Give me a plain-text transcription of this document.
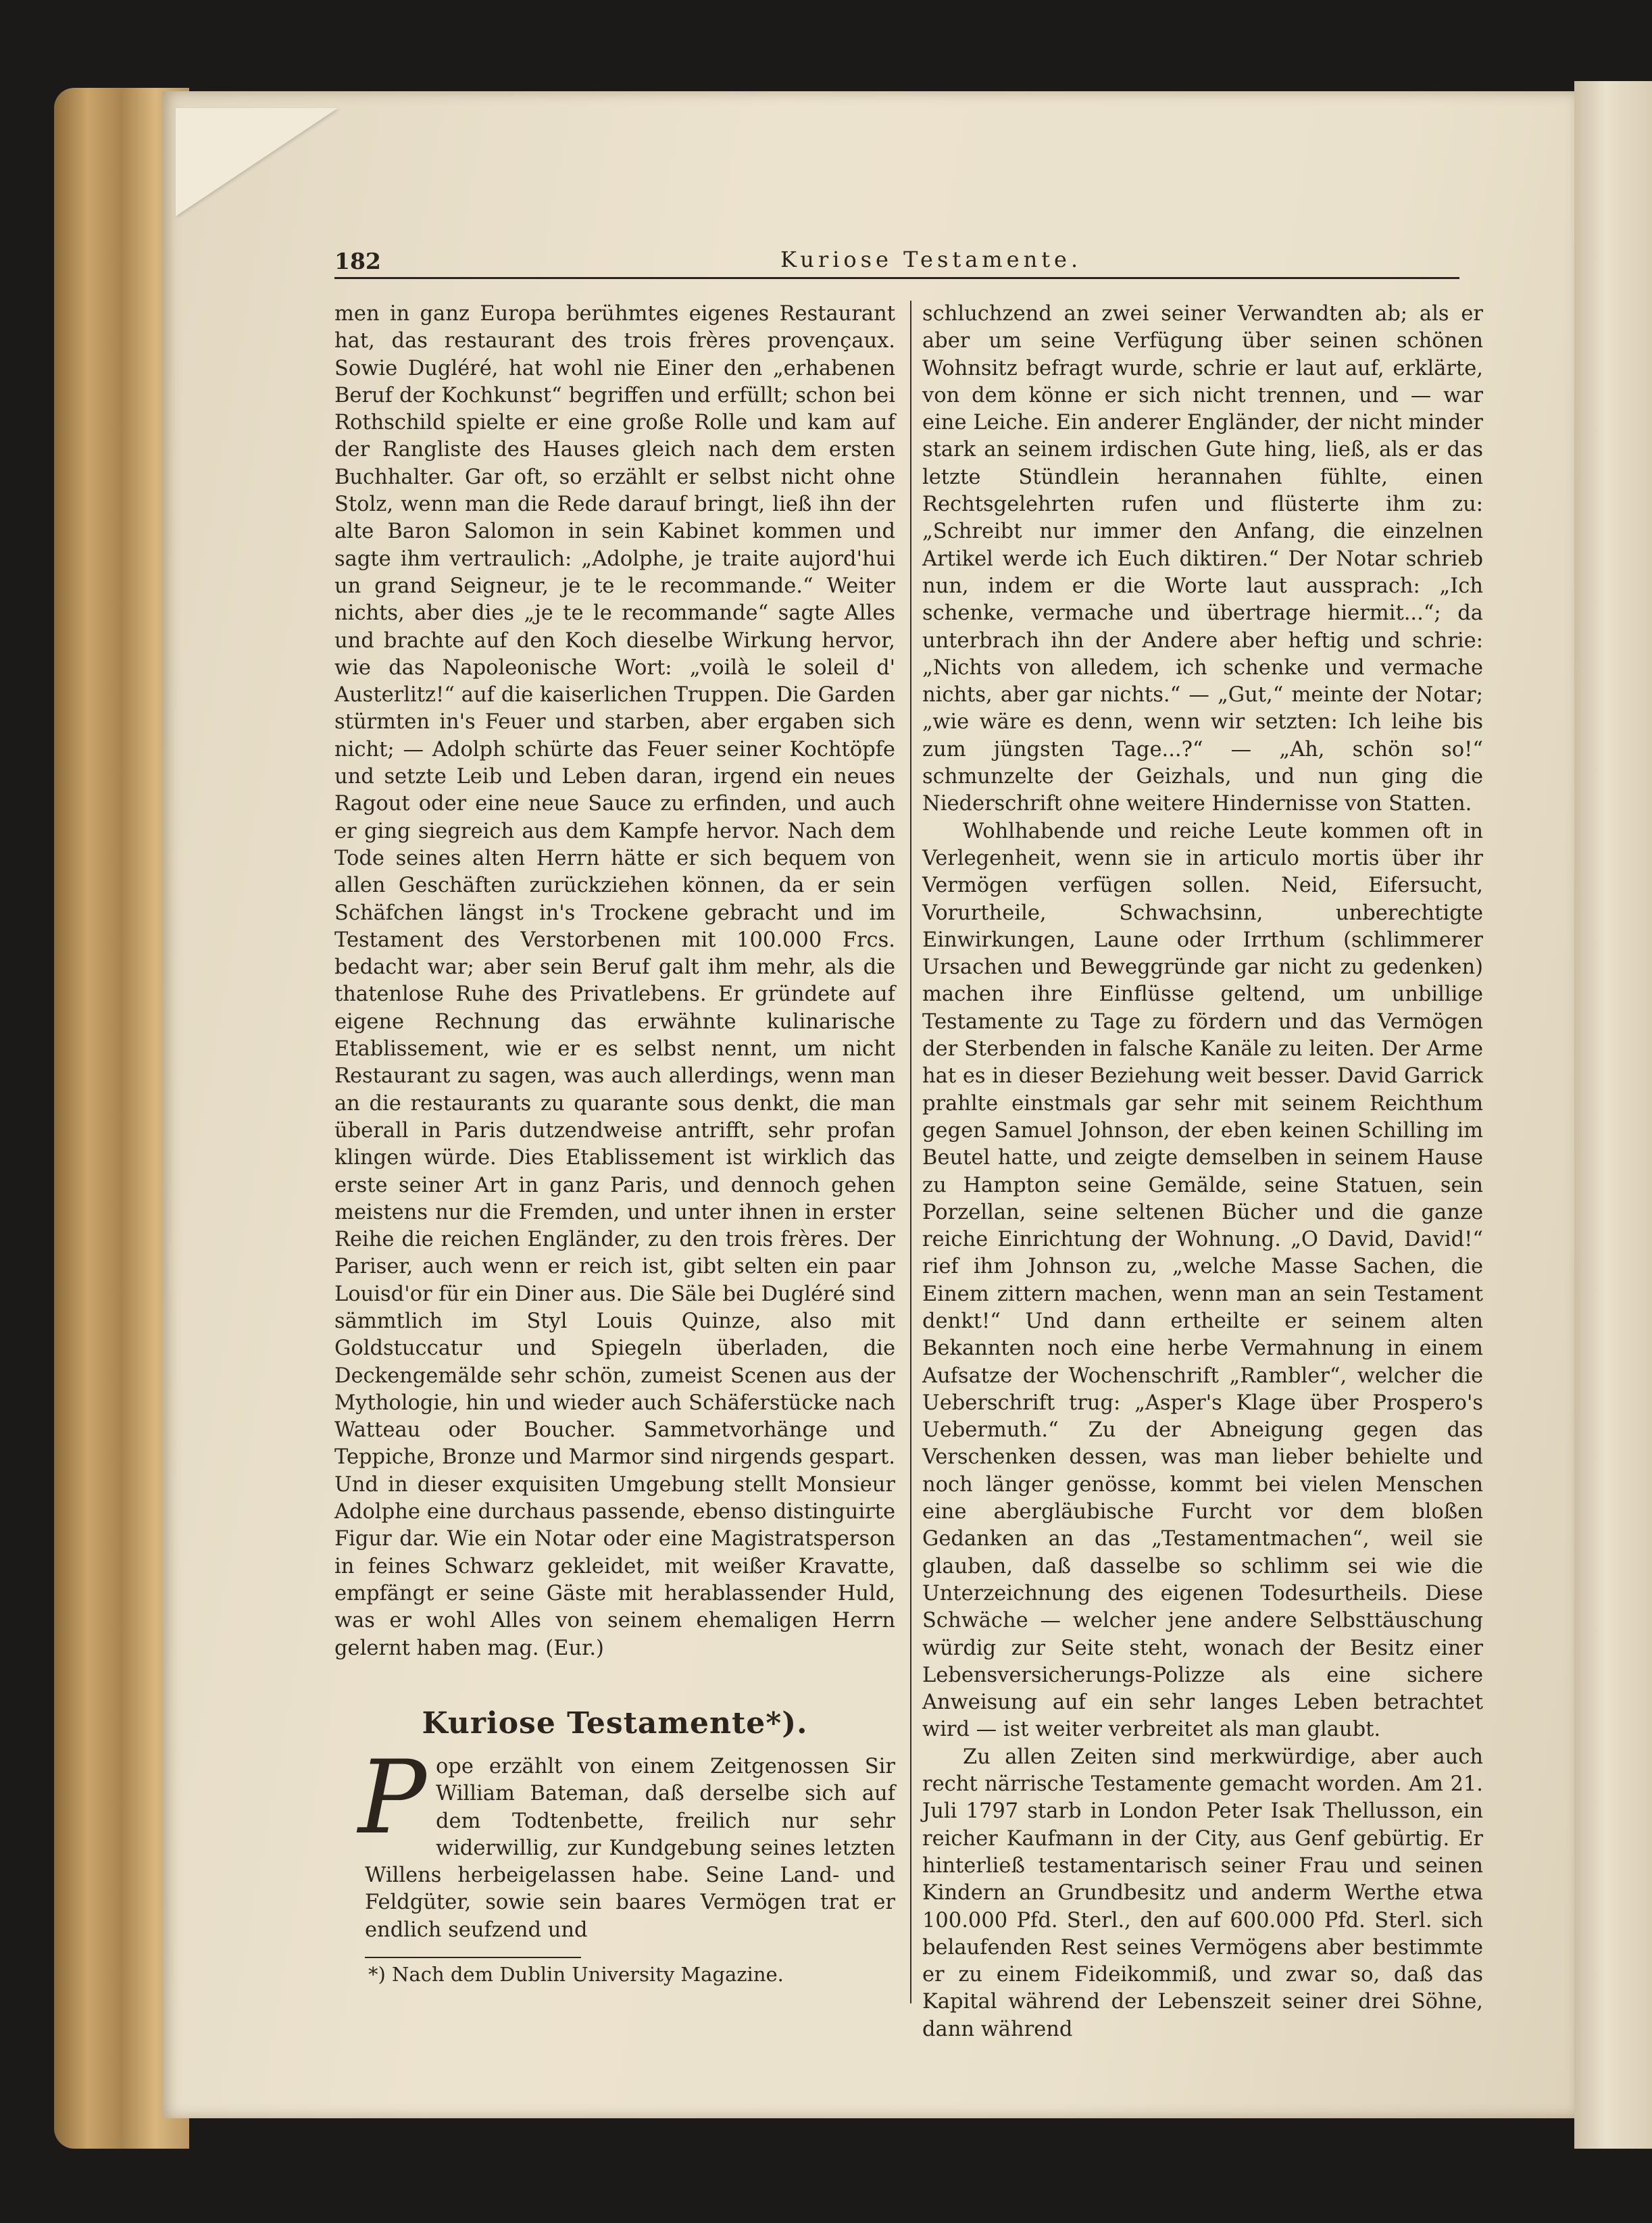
182	Kuriose Testamente.

men in ganz Europa berühmtes eigenes Restaurant hat, das restaurant des trois frères provençaux. Sowie Dugléré, hat wohl nie Einer den „erhabenen Beruf der Kochkunst“ begriffen und erfüllt; schon bei Rothschild spielte er eine große Rolle und kam auf der Rangliste des Hauses gleich nach dem ersten Buchhalter. Gar oft, so erzählt er selbst nicht ohne Stolz, wenn man die Rede darauf bringt, ließ ihn der alte Baron Salomon in sein Kabinet kommen und sagte ihm vertraulich: „Adolphe, je traite aujord'hui un grand Seigneur, je te le recommande.“ Weiter nichts, aber dies „je te le recommande“ sagte Alles und brachte auf den Koch dieselbe Wirkung hervor, wie das Napoleonische Wort: „voilà le soleil d' Austerlitz!“ auf die kaiserlichen Truppen. Die Garden stürmten in's Feuer und starben, aber ergaben sich nicht; — Adolph schürte das Feuer seiner Kochtöpfe und setzte Leib und Leben daran, irgend ein neues Ragout oder eine neue Sauce zu erfinden, und auch er ging siegreich aus dem Kampfe hervor. Nach dem Tode seines alten Herrn hätte er sich bequem von allen Geschäften zurückziehen können, da er sein Schäfchen längst in's Trockene gebracht und im Testament des Verstorbenen mit 100.000 Frcs. bedacht war; aber sein Beruf galt ihm mehr, als die thatenlose Ruhe des Privatlebens. Er gründete auf eigene Rechnung das erwähnte kulinarische Etablissement, wie er es selbst nennt, um nicht Restaurant zu sagen, was auch allerdings, wenn man an die restaurants zu quarante sous denkt, die man überall in Paris dutzendweise antrifft, sehr profan klingen würde. Dies Etablissement ist wirklich das erste seiner Art in ganz Paris, und dennoch gehen meistens nur die Fremden, und unter ihnen in erster Reihe die reichen Engländer, zu den trois frères. Der Pariser, auch wenn er reich ist, gibt selten ein paar Louisd'or für ein Diner aus. Die Säle bei Dugléré sind sämmtlich im Styl Louis Quinze, also mit Goldstuccatur und Spiegeln überladen, die Deckengemälde sehr schön, zumeist Scenen aus der Mythologie, hin und wieder auch Schäferstücke nach Watteau oder Boucher. Sammetvorhänge und Teppiche, Bronze und Marmor sind nirgends gespart. Und in dieser exquisiten Umgebung stellt Monsieur Adolphe eine durchaus passende, ebenso distinguirte Figur dar. Wie ein Notar oder eine Magistratsperson in feines Schwarz gekleidet, mit weißer Kravatte, empfängt er seine Gäste mit herablassender Huld, was er wohl Alles von seinem ehemaligen Herrn gelernt haben mag. (Eur.)

Kuriose Testamente*).
P ope erzählt von einem Zeitgenossen Sir William Bateman, daß derselbe sich auf dem Todtenbette, freilich nur sehr widerwillig, zur Kundgebung seines letzten Willens herbeigelassen habe. Seine Land- und Feldgüter, sowie sein baares Vermögen trat er endlich seufzend und
*) Nach dem Dublin University Magazine.

schluchzend an zwei seiner Verwandten ab; als er aber um seine Verfügung über seinen schönen Wohnsitz befragt wurde, schrie er laut auf, erklärte, von dem könne er sich nicht trennen, und — war eine Leiche. Ein anderer Engländer, der nicht minder stark an seinem irdischen Gute hing, ließ, als er das letzte Stündlein herannahen fühlte, einen Rechtsgelehrten rufen und flüsterte ihm zu: „Schreibt nur immer den Anfang, die einzelnen Artikel werde ich Euch diktiren.“ Der Notar schrieb nun, indem er die Worte laut aussprach: „Ich schenke, vermache und übertrage hiermit...“; da unterbrach ihn der Andere aber heftig und schrie: „Nichts von alledem, ich schenke und vermache nichts, aber gar nichts.“ — „Gut,“ meinte der Notar; „wie wäre es denn, wenn wir setzten: Ich leihe bis zum jüngsten Tage...?“ — „Ah, schön so!“ schmunzelte der Geizhals, und nun ging die Niederschrift ohne weitere Hindernisse von Statten.

Wohlhabende und reiche Leute kommen oft in Verlegenheit, wenn sie in articulo mortis über ihr Vermögen verfügen sollen. Neid, Eifersucht, Vorurtheile, Schwachsinn, unberechtigte Einwirkungen, Laune oder Irrthum (schlimmerer Ursachen und Beweggründe gar nicht zu gedenken) machen ihre Einflüsse geltend, um unbillige Testamente zu Tage zu fördern und das Vermögen der Sterbenden in falsche Kanäle zu leiten. Der Arme hat es in dieser Beziehung weit besser. David Garrick prahlte einstmals gar sehr mit seinem Reichthum gegen Samuel Johnson, der eben keinen Schilling im Beutel hatte, und zeigte demselben in seinem Hause zu Hampton seine Gemälde, seine Statuen, sein Porzellan, seine seltenen Bücher und die ganze reiche Einrichtung der Wohnung. „O David, David!“ rief ihm Johnson zu, „welche Masse Sachen, die Einem zittern machen, wenn man an sein Testament denkt!“ Und dann ertheilte er seinem alten Bekannten noch eine herbe Vermahnung in einem Aufsatze der Wochenschrift „Rambler“, welcher die Ueberschrift trug: „Asper's Klage über Prospero's Uebermuth.“ Zu der Abneigung gegen das Verschenken dessen, was man lieber behielte und noch länger genösse, kommt bei vielen Menschen eine abergläubische Furcht vor dem bloßen Gedanken an das „Testamentmachen“, weil sie glauben, daß dasselbe so schlimm sei wie die Unterzeichnung des eigenen Todesurtheils. Diese Schwäche — welcher jene andere Selbsttäuschung würdig zur Seite steht, wonach der Besitz einer Lebensversicherungs-Polizze als eine sichere Anweisung auf ein sehr langes Leben betrachtet wird — ist weiter verbreitet als man glaubt.

Zu allen Zeiten sind merkwürdige, aber auch recht närrische Testamente gemacht worden. Am 21. Juli 1797 starb in London Peter Isak Thellusson, ein reicher Kaufmann in der City, aus Genf gebürtig. Er hinterließ testamentarisch seiner Frau und seinen Kindern an Grundbesitz und anderm Werthe etwa 100.000 Pfd. Sterl., den auf 600.000 Pfd. Sterl. sich belaufenden Rest seines Vermögens aber bestimmte er zu einem Fideikommiß, und zwar so, daß das Kapital während der Lebenszeit seiner drei Söhne, dann während
